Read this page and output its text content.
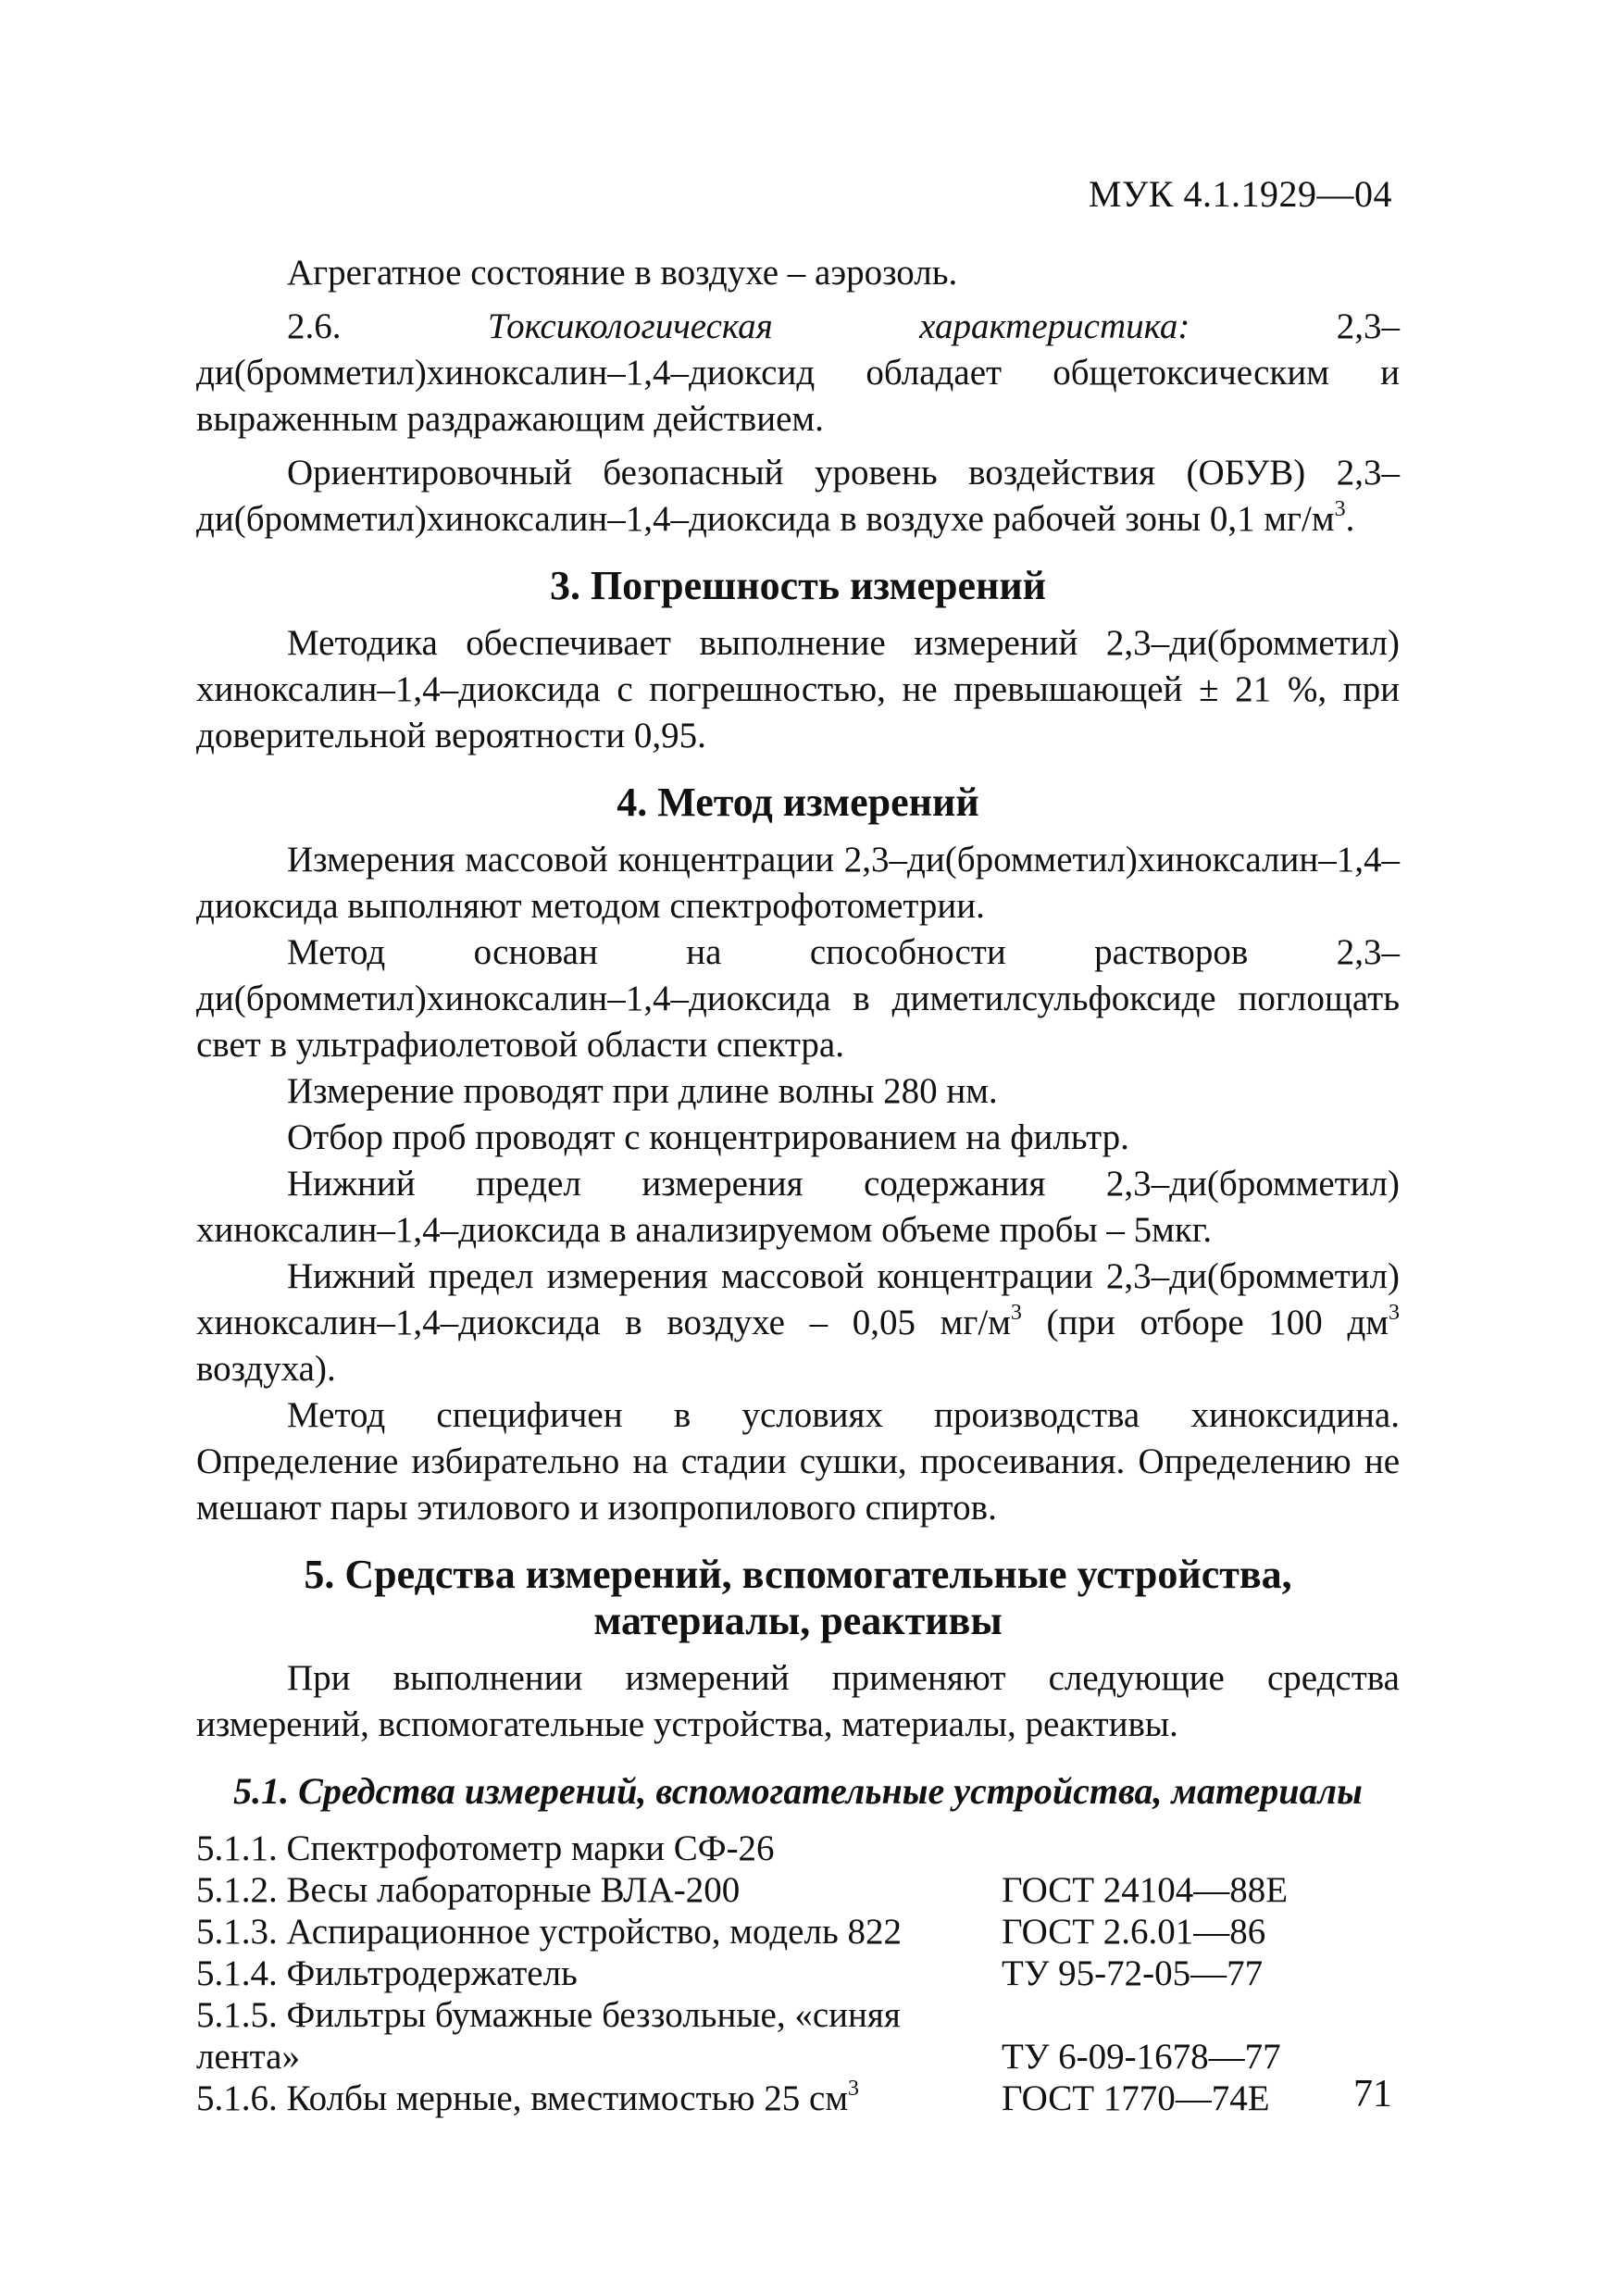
МУК 4.1.1929—04

Агрегатное состояние в воздухе – аэрозоль.

2.6.	Токсикологическая характеристика:	2,3–ди(бромметил)хиноксалин–1,4–диоксид обладает общетоксическим и выраженным раздражающим действием.

Ориентировочный безопасный уровень воздействия (ОБУВ) 2,3–ди(бромметил)хиноксалин–1,4–диоксида в воздухе рабочей зоны 0,1 $мг/м^3$.

3. Погрешность измерений

Методика обеспечивает выполнение измерений 2,3–ди(бромметил) хиноксалин–1,4–диоксида с погрешностью, не превышающей ± 21 %, при доверительной вероятности 0,95.

4. Метод измерений

Измерения массовой концентрации 2,3–ди(бромметил)хиноксалин–1,4–диоксида выполняют методом спектрофотометрии.

Метод основан на способности растворов 2,3–ди(бромметил)хиноксалин–1,4–диоксида в диметилсульфоксиде поглощать свет в ультрафиолетовой области спектра.

Измерение проводят при длине волны 280 нм.

Отбор проб проводят с концентрированием на фильтр.

Нижний предел измерения содержания 2,3–ди(бромметил) хиноксалин–1,4–диоксида в анализируемом объеме пробы – 5мкг.

Нижний предел измерения массовой концентрации 2,3–ди(бромметил) хиноксалин–1,4–диоксида в воздухе – 0,05 $мг/м^3$ (при отборе 100 $дм^3$ воздуха).

Метод специфичен в условиях производства хиноксидина. Определение избирательно на стадии сушки, просеивания. Определению не мешают пары этилового и изопропилового спиртов.

5. Средства измерений, вспомогательные устройства,
материалы, реактивы

При выполнении измерений применяют следующие средства измерений, вспомогательные устройства, материалы, реактивы.

5.1. Средства измерений, вспомогательные устройства, материалы
5.1.1. Спектрофотометр марки СФ-26	
5.1.2. Весы лабораторные ВЛА-200	ГОСТ 24104—88Е
5.1.3. Аспирационное устройство, модель 822	ГОСТ 2.6.01—86
5.1.4. Фильтродержатель	ТУ 95-72-05—77
5.1.5. Фильтры бумажные беззольные, «синяя лента»	ТУ 6-09-1678—77
5.1.6. Колбы мерные, вместимостью 25 $см^3$	ГОСТ 1770—74Е 71
